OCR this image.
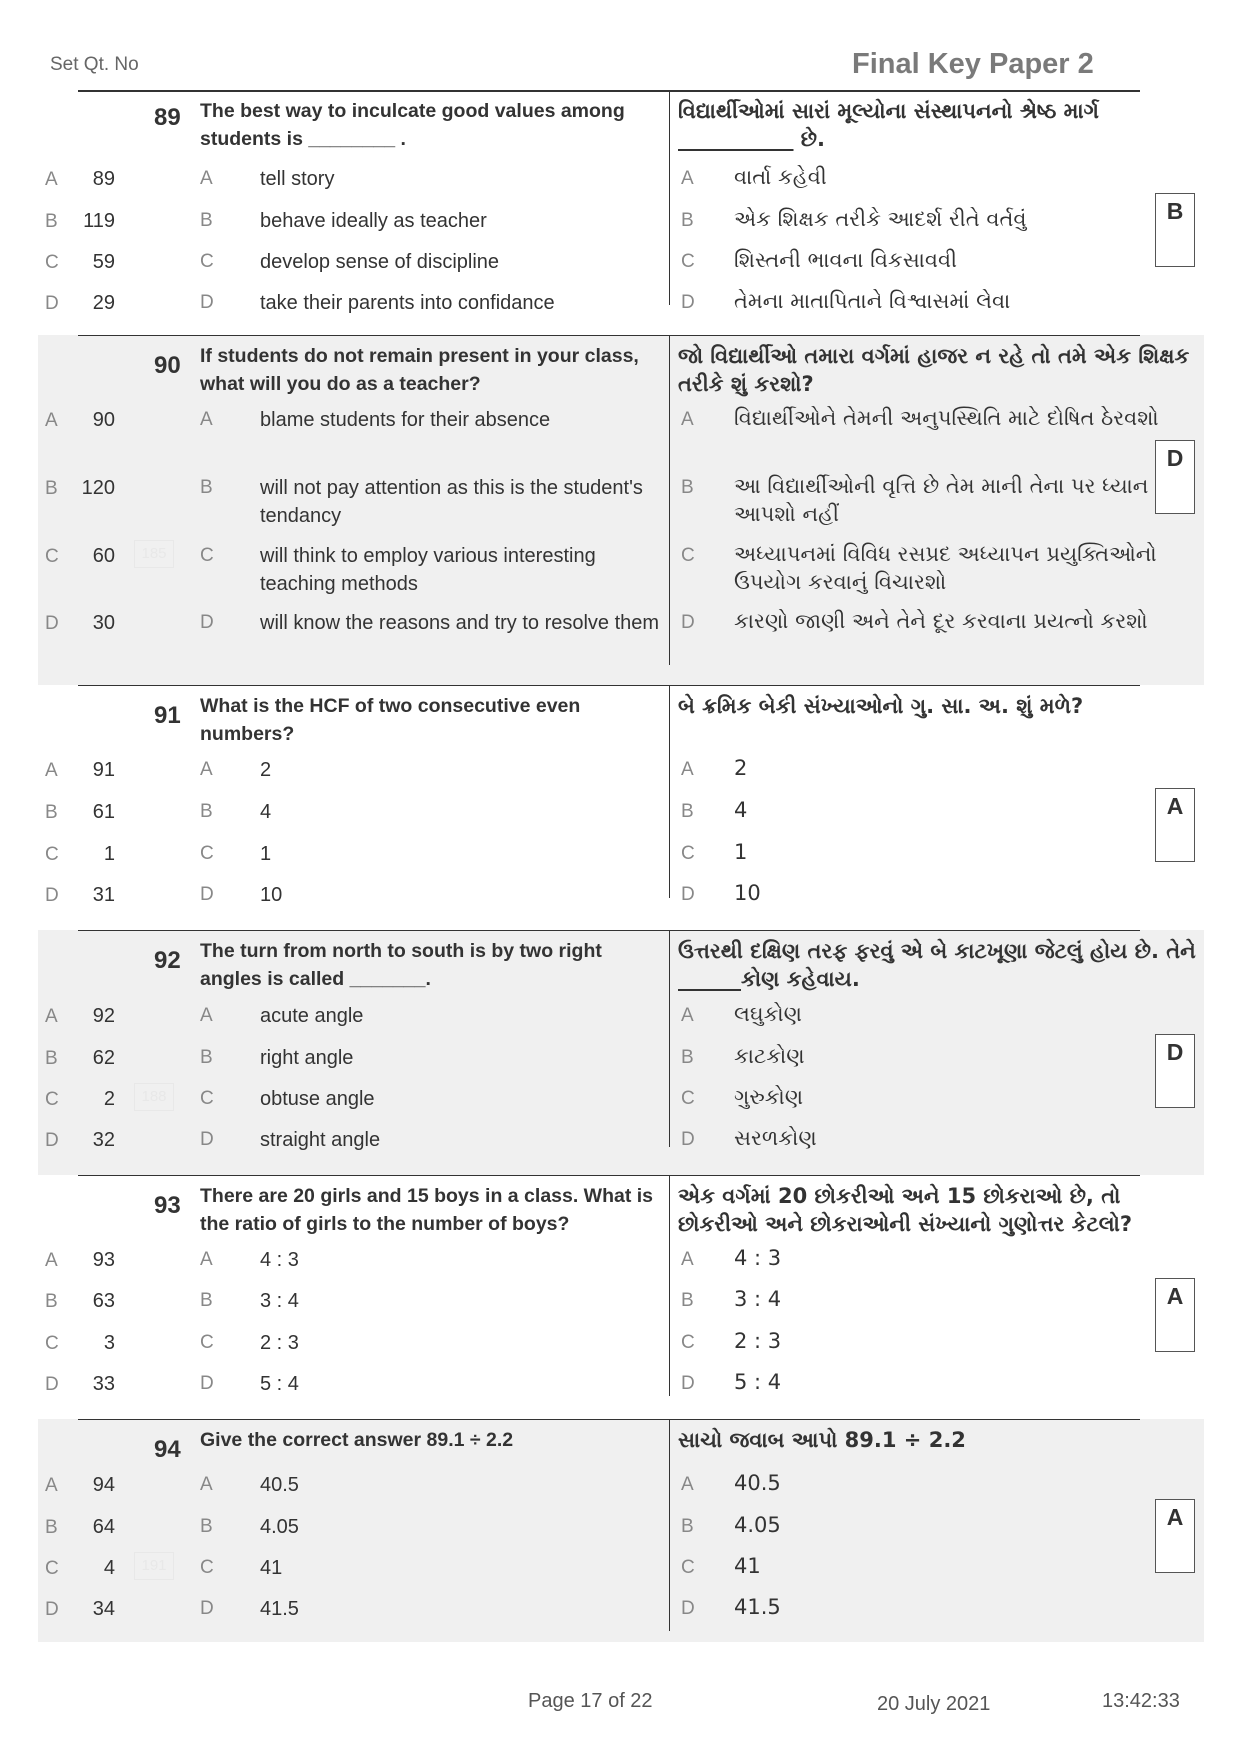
Set Qt. No	Final Key Paper 2
89 The best way to inculcate good values among students is ________ .
વિદ્યાર્થીઓમાં સારાં મૂલ્યોના સંસ્થાપનનો શ્રેષ્ઠ માર્ગ ___________ છે.
A	89	A tell story	A વાર્તા કહેવી
B	119	B behave ideally as teacher	B એક શિક્ષક તરીકે આદર્શ રીતે વર્તવું
C	59	C develop sense of discipline	C શિસ્તની ભાવના વિકસાવવી
D	29	D take their parents into confidance	D તેમના માતાપિતાને વિશ્વાસમાં લેવા
B
90 If students do not remain present in your class, what will you do as a teacher?
જો વિદ્યાર્થીઓ તમારા વર્ગમાં હાજર ન રહે તો તમે એક શિક્ષક તરીકે શું કરશો?
A	90	A blame students for their absence	A વિદ્યાર્થીઓને તેમની અનુપસ્થિતિ માટે દોષિત ઠેરવશો
B	120	B will not pay attention as this is the student's tendancy
B આ વિદ્યાર્થીઓની વૃત્તિ છે તેમ માની તેના પર ધ્યાન આપશો નહીં
C	60	185	C will think to employ various interesting teaching methods
C અધ્યાપનમાં વિવિધ રસપ્રદ અધ્યાપન પ્રયુક્તિઓનો ઉપયોગ કરવાનું વિચારશો
D	30	D will know the reasons and try to resolve them	D કારણો જાણી અને તેને દૂર કરવાના પ્રયત્નો કરશો
D
91 What is the HCF of two consecutive even numbers?
બે ક્રમિક બેકી સંખ્યાઓનો ગુ. સા. અ. શું મળે?
A	91	A 2	A 2
B	61	B 4	B 4
C	1	C 1	C 1
D	31	D 10	D 10
A
92 The turn from north to south is by two right angles is called _______.
ઉત્તરથી દક્ષિણ તરફ ફરવું એ બે કાટખૂણા જેટલું હોય છે. તેને ______કોણ કહેવાય.
A	92	A acute angle	A લઘુકોણ
B	62	B right angle	B કાટકોણ
C	2	188	C obtuse angle	C ગુરુકોણ
D	32	D straight angle	D સરળકોણ
D
93 There are 20 girls and 15 boys in a class. What is the ratio of girls to the number of boys?
એક વર્ગમાં 20 છોકરીઓ અને 15 છોકરાઓ છે, તો છોકરીઓ અને છોકરાઓની સંખ્યાનો ગુણોત્તર કેટલો?
A	93	A 4 : 3	A 4 : 3
B	63	B 3 : 4	B 3 : 4
C	3	C 2 : 3	C 2 : 3
D	33	D 5 : 4	D 5 : 4
A
94 Give the correct answer 89.1 ÷ 2.2	સાચો જવાબ આપો 89.1 ÷ 2.2
A	94	A 40.5	A 40.5
B	64	B 4.05	B 4.05
C	4	191	C 41	C 41
D	34	D 41.5	D 41.5
A
Page 17 of 22	20 July 2021	13:42:33
